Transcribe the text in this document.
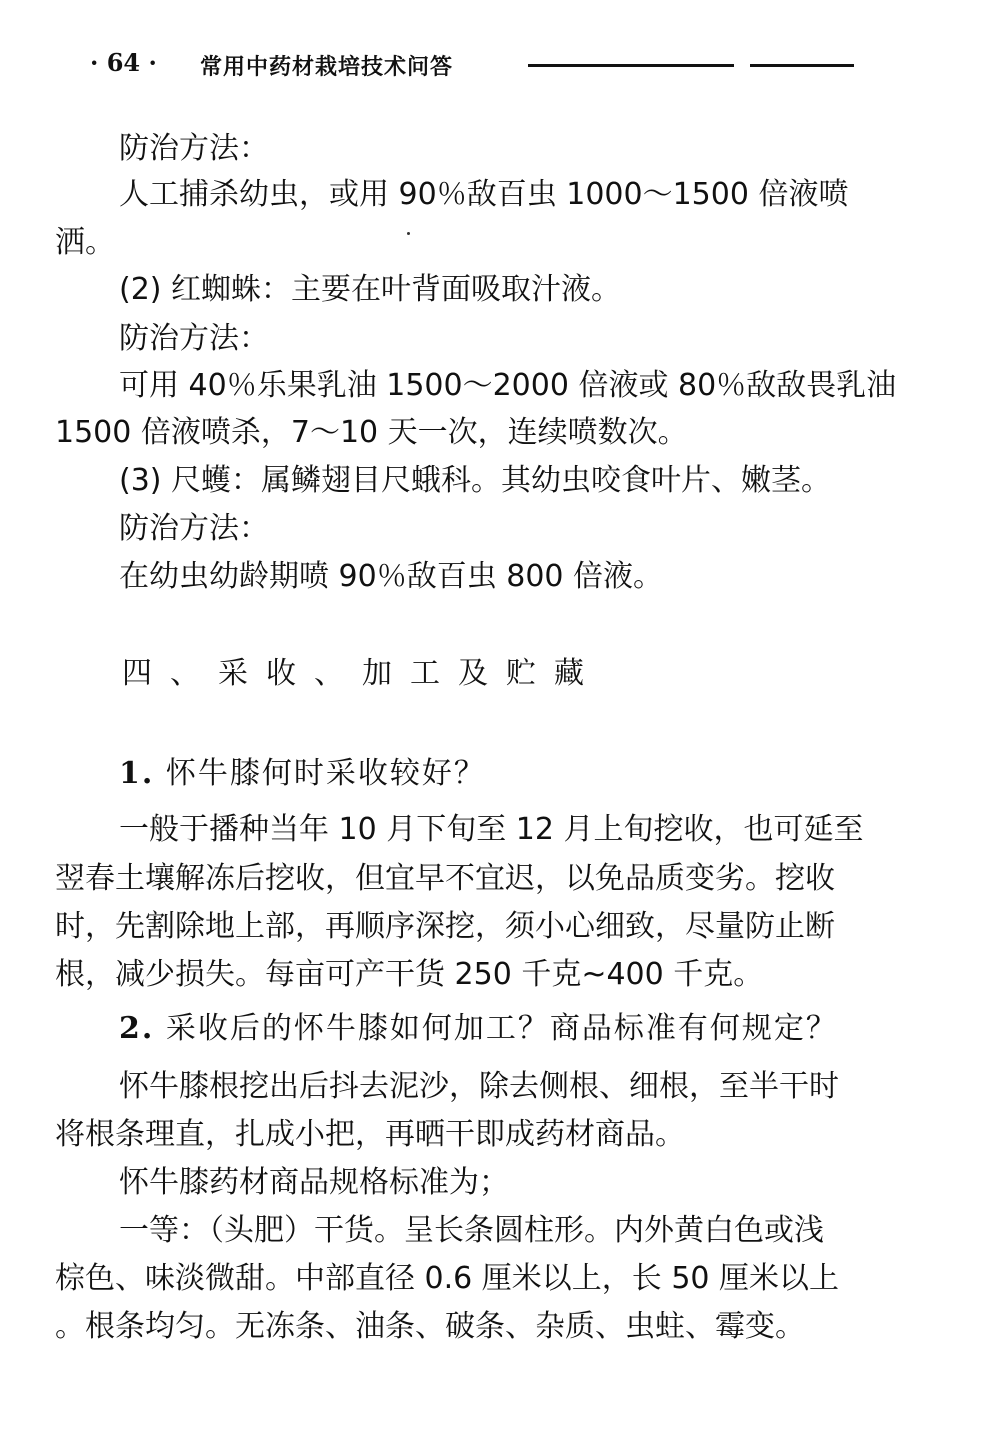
· 64 · 常用中药材栽培技术问答
防治方法：
人工捕杀幼虫，或用 90％敌百虫 1000～1500 倍液喷
洒。
(2) 红蜘蛛：主要在叶背面吸取汁液。
防治方法：
可用 40％乐果乳油 1500～2000 倍液或 80％敌敌畏乳油
1500 倍液喷杀，7～10 天一次，连续喷数次。
(3) 尺蠖：属鳞翅目尺蛾科。其幼虫咬食叶片、嫩茎。
防治方法：
在幼虫幼龄期喷 90％敌百虫 800 倍液。
四、采收、加工及贮藏
1. 怀牛膝何时采收较好？
一般于播种当年 10 月下旬至 12 月上旬挖收，也可延至
翌春土壤解冻后挖收，但宜早不宜迟，以免品质变劣。挖收
时，先割除地上部，再顺序深挖，须小心细致，尽量防止断
根，减少损失。每亩可产干货 250 千克~400 千克。
2. 采收后的怀牛膝如何加工？商品标准有何规定？
怀牛膝根挖出后抖去泥沙，除去侧根、细根，至半干时
将根条理直，扎成小把，再晒干即成药材商品。
怀牛膝药材商品规格标准为；
一等：（头肥）干货。呈长条圆柱形。内外黄白色或浅
棕色、味淡微甜。中部直径 0.6 厘米以上，长 50 厘米以上
。根条均匀。无冻条、油条、破条、杂质、虫蛀、霉变。
